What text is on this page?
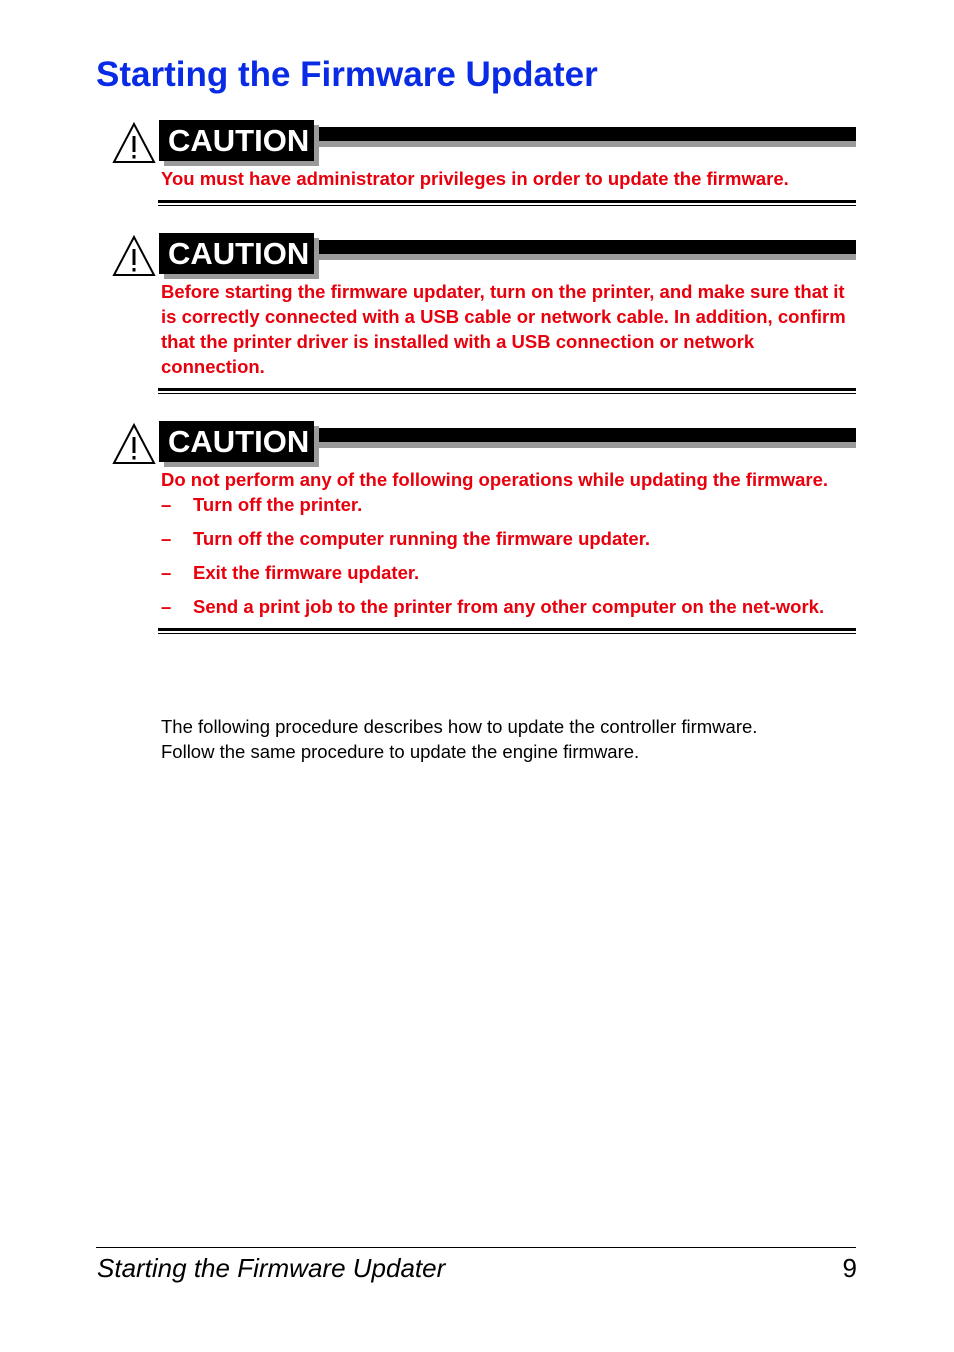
Starting the Firmware Updater
CAUTION

You must have administrator privileges in order to update the firmware.

CAUTION

Before starting the firmware updater, turn on the printer, and make sure that it is correctly connected with a USB cable or network cable. In addition, confirm that the printer driver is installed with a USB connection or network connection.

CAUTION

Do not perform any of the following operations while updating the firmware.

– Turn off the printer.
– Turn off the computer running the firmware updater.
– Exit the firmware updater.
– Send a print job to the printer from any other computer on the net-work.

The following procedure describes how to update the controller firmware.

Follow the same procedure to update the engine firmware.

Starting the Firmware Updater	9
